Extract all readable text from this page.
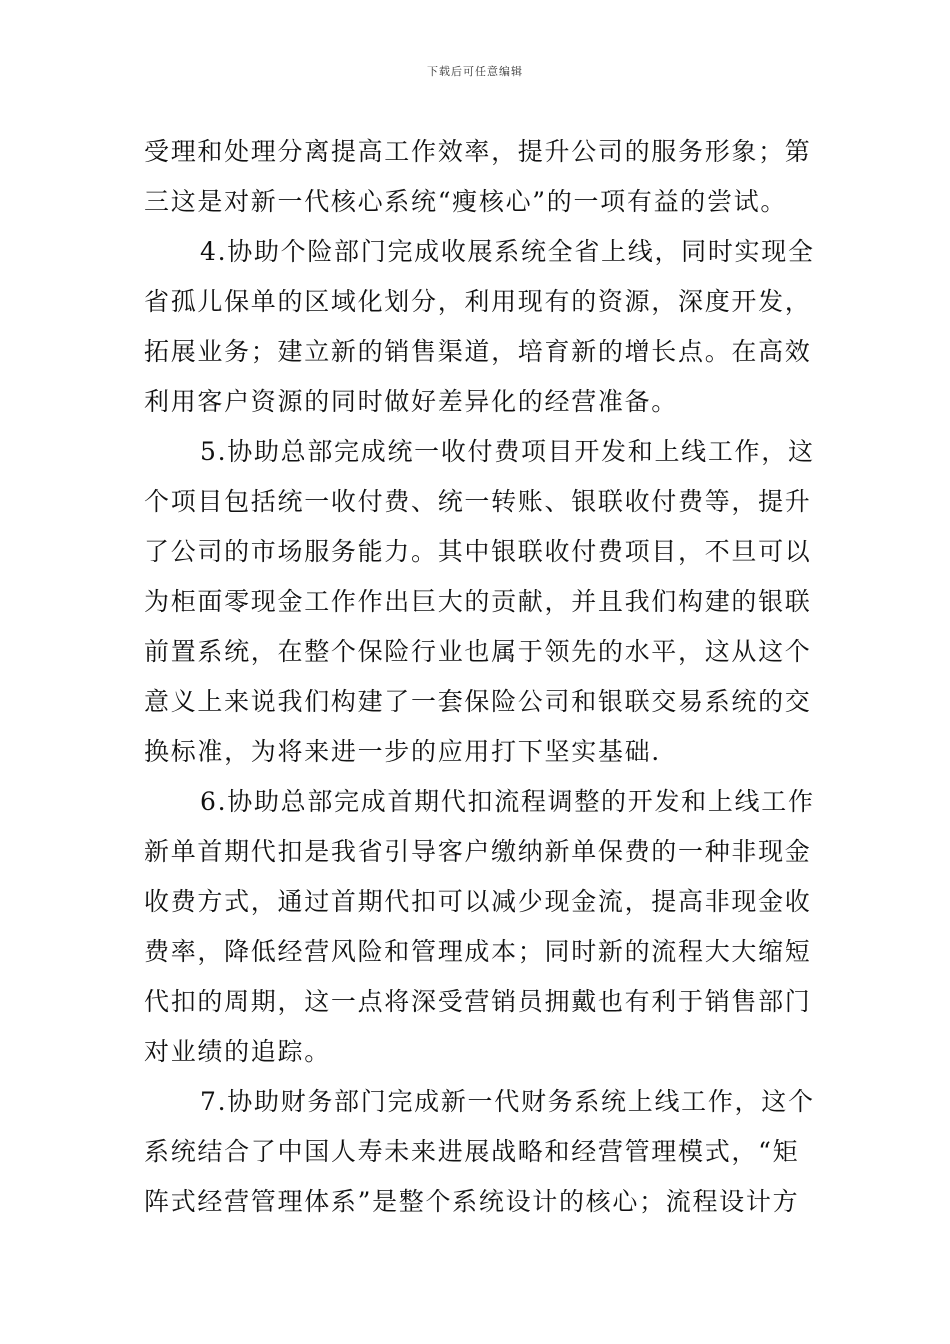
下载后可任意编辑
受理和处理分离提高工作效率，提升公司的服务形象；第
三这是对新一代核心系统“瘦核心”的一项有益的尝试。
4.协助个险部门完成收展系统全省上线，同时实现全
省孤儿保单的区域化划分，利用现有的资源，深度开发，
拓展业务；建立新的销售渠道，培育新的增长点。在高效
利用客户资源的同时做好差异化的经营准备。
5.协助总部完成统一收付费项目开发和上线工作，这
个项目包括统一收付费、统一转账、银联收付费等，提升
了公司的市场服务能力。其中银联收付费项目，不旦可以
为柜面零现金工作作出巨大的贡献，并且我们构建的银联
前置系统，在整个保险行业也属于领先的水平，这从这个
意义上来说我们构建了一套保险公司和银联交易系统的交
换标准，为将来进一步的应用打下坚实基础.
6.协助总部完成首期代扣流程调整的开发和上线工作
新单首期代扣是我省引导客户缴纳新单保费的一种非现金
收费方式，通过首期代扣可以减少现金流，提高非现金收
费率，降低经营风险和管理成本；同时新的流程大大缩短
代扣的周期，这一点将深受营销员拥戴也有利于销售部门
对业绩的追踪。
7.协助财务部门完成新一代财务系统上线工作，这个
系统结合了中国人寿未来进展战略和经营管理模式，“矩
阵式经营管理体系”是整个系统设计的核心；流程设计方
